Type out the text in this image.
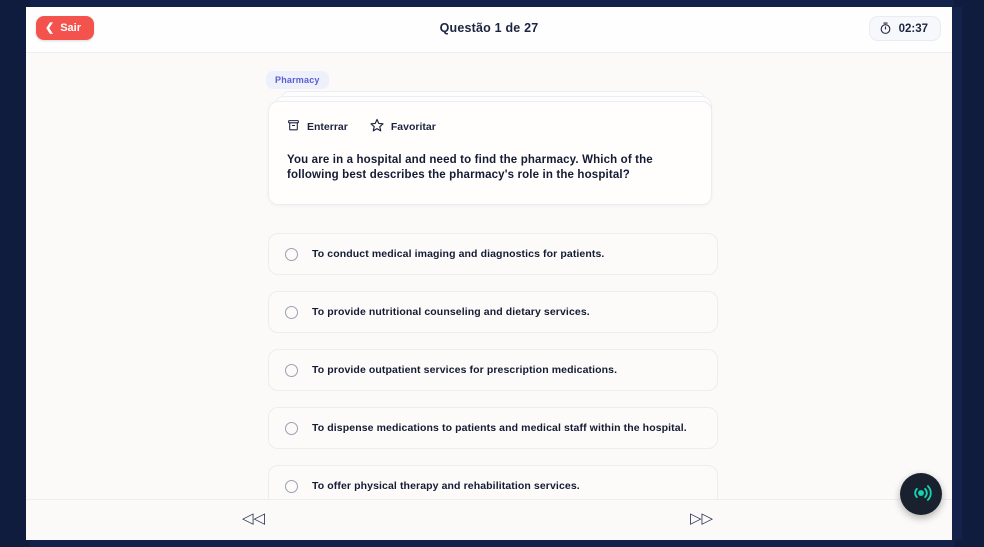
❮ Sair	Questão 1 de 27	02:37
Pharmacy
Enterrar	Favoritar
You are in a hospital and need to find the pharmacy. Which of the following best describes the pharmacy's role in the hospital?
To conduct medical imaging and diagnostics for patients.
To provide nutritional counseling and dietary services.
To provide outpatient services for prescription medications.
To dispense medications to patients and medical staff within the hospital.
To offer physical therapy and rehabilitation services.
◁◁	▷▷
